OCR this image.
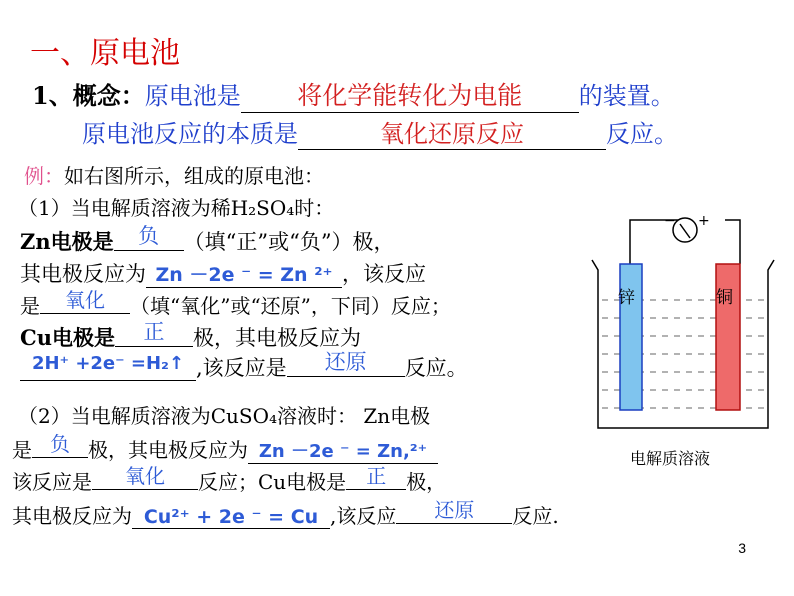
一、原电池
1、概念：原电池是 将化学能转化为电能 的装置。
原电池反应的本质是	氧化还原反应	反应。
例：如右图所示，组成的原电池：
（1）当电解质溶液为稀H₂SO₄时：
Zn电极是 负 （填“正”或“负”）极，
其电极反应为 Zn －2e ⁻ = Zn ²⁺ ，该反应
是 氧化 （填“氧化”或“还原”，下同）反应；
Cu电极是 正 极，其电极反应为
2H⁺ +2e⁻ =H₂↑ ,该反应是 还原 反应。
（2）当电解质溶液为CuSO₄溶液时： Zn电极
是 负 极，其电极反应为 Zn －2e ⁻ = Zn,²⁺
该反应是 氧化 反应；Cu电极是 正 极，
其电极反应为 Cu²⁺ + 2e ⁻ = Cu ,该反应 还原 反应.
− +
锌	铜
电解质溶液
3
